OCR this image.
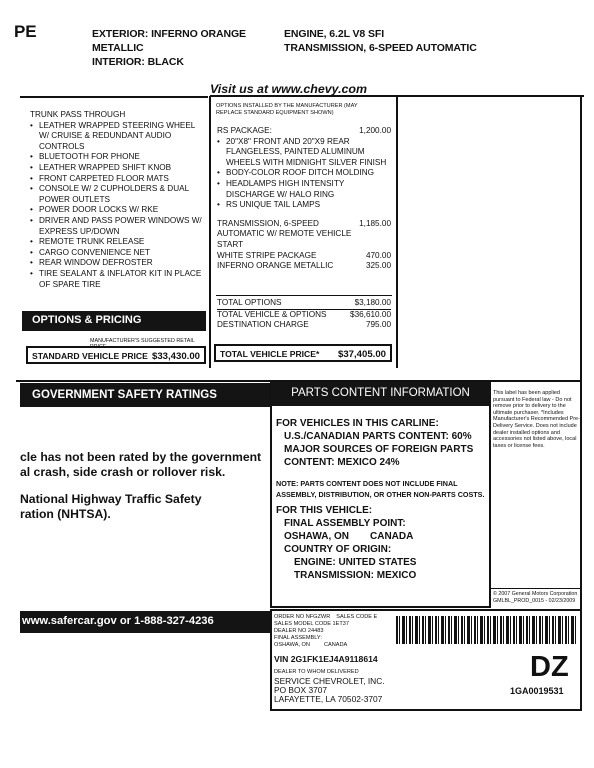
PE	EXTERIOR: INFERNO ORANGE
METALLIC
INTERIOR: BLACK
ENGINE, 6.2L V8 SFI
TRANSMISSION, 6-SPEED AUTOMATIC
TRUNK PASS THROUGH
• LEATHER WRAPPED STEERING WHEEL W/ CRUISE & REDUNDANT AUDIO CONTROLS
• BLUETOOTH FOR PHONE
• LEATHER WRAPPED SHIFT KNOB
• FRONT CARPETED FLOOR MATS
• CONSOLE W/ 2 CUPHOLDERS & DUAL POWER OUTLETS
• POWER DOOR LOCKS W/ RKE
• DRIVER AND PASS POWER WINDOWS W/ EXPRESS UP/DOWN
• REMOTE TRUNK RELEASE
• CARGO CONVENIENCE NET
• REAR WINDOW DEFROSTER
• TIRE SEALANT & INFLATOR KIT IN PLACE OF SPARE TIRE
OPTIONS & PRICING
MANUFACTURER'S SUGGESTED RETAIL PRICE
STANDARD VEHICLE PRICE $33,430.00
Visit us at www.chevy.com
OPTIONS INSTALLED BY THE MANUFACTURER (MAY REPLACE STANDARD EQUIPMENT SHOWN)
RS PACKAGE:	1,200.00
• 20"X8" FRONT AND 20"X9 REAR FLANGELESS, PAINTED ALUMINUM WHEELS WITH MIDNIGHT SILVER FINISH
• BODY-COLOR ROOF DITCH MOLDING
• HEADLAMPS HIGH INTENSITY DISCHARGE W/ HALO RING
• RS UNIQUE TAIL LAMPS
TRANSMISSION, 6-SPEED AUTOMATIC W/ REMOTE VEHICLE START
1,185.00
WHITE STRIPE PACKAGE	470.00
INFERNO ORANGE METALLIC	325.00
TOTAL OPTIONS	$3,180.00
TOTAL VEHICLE & OPTIONS	$36,610.00
DESTINATION CHARGE	795.00
TOTAL VEHICLE PRICE* $37,405.00
GOVERNMENT SAFETY RATINGS
cle has not been rated by the government
al crash, side crash or rollover risk.
National Highway Traffic Safety
ration (NHTSA).
www.safercar.gov or 1-888-327-4236
PARTS CONTENT INFORMATION
FOR VEHICLES IN THIS CARLINE:
U.S./CANADIAN PARTS CONTENT: 60%
MAJOR SOURCES OF FOREIGN PARTS
CONTENT: MEXICO 24%
NOTE: PARTS CONTENT DOES NOT INCLUDE FINAL ASSEMBLY, DISTRIBUTION, OR OTHER NON-PARTS COSTS.
FOR THIS VEHICLE:
FINAL ASSEMBLY POINT:
OSHAWA, ON	CANADA
COUNTRY OF ORIGIN:
ENGINE: UNITED STATES
TRANSMISSION: MEXICO
This label has been applied pursuant to Federal law - Do not remove prior to delivery to the ultimate purchaser. *Includes Manufacturer's Recommended Pre-Delivery Service. Does not include dealer installed options and accessories not listed above, local taxes or license fees.
© 2007 General Motors Corporation
GMLBL_PROD_0015 - 02/23/2009
ORDER NO NFGZWR SALES CODE E
SALES MODEL CODE 1ET37
DEALER NO 24483
FINAL ASSEMBLY:
OSHAWA, ON	CANADA
VIN 2G1FK1EJ4A9118614
DEALER TO WHOM DELIVERED
SERVICE CHEVROLET, INC.
PO BOX 3707
LAFAYETTE, LA 70502-3707
DZ
1GA0019531
